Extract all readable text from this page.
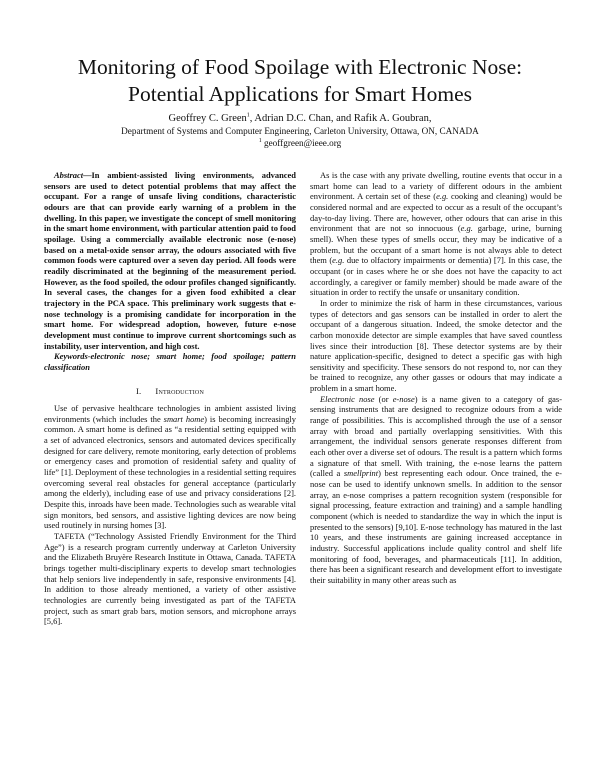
Monitoring of Food Spoilage with Electronic Nose:
Potential Applications for Smart Homes
Geoffrey C. Green$^1$, Adrian D.C. Chan, and Rafik A. Goubran,
Department of Systems and Computer Engineering, Carleton University, Ottawa, ON, CANADA
$^1$ geoffgreen@ieee.org

Abstract—In ambient-assisted living environments, advanced sensors are used to detect potential problems that may affect the occupant. For a range of unsafe living conditions, characteristic odours are that can provide early warning of a problem in the dwelling. In this paper, we investigate the concept of smell monitoring in the smart home environment, with particular attention paid to food spoilage. Using a commercially available electronic nose (e-nose) based on a metal-oxide sensor array, the odours associated with five common foods were captured over a seven day period. All foods were readily discriminated at the beginning of the measurement period. However, as the food spoiled, the odour profiles changed significantly. In several cases, the changes for a given food exhibited a clear trajectory in the PCA space. This preliminary work suggests that e-nose technology is a promising candidate for incorporation in the smart home. For widespread adoption, however, future e-nose development must continue to improve current shortcomings such as instability, user intervention, and high cost.

Keywords-electronic nose; smart home; food spoilage; pattern classification

I. Introduction

Use of pervasive healthcare technologies in ambient assisted living environments (which includes the smart home) is becoming increasingly common. A smart home is defined as “a residential setting equipped with a set of advanced electronics, sensors and automated devices specifically designed for care delivery, remote monitoring, early detection of problems or emergency cases and promotion of residential safety and quality of life” [1]. Deployment of these technologies in a residential setting requires overcoming several real obstacles for general acceptance (particularly among the elderly), including ease of use and privacy considerations [2]. Despite this, inroads have been made. Technologies such as wearable vital sign monitors, bed sensors, and assistive lighting devices are now being used routinely in nursing homes [3].

TAFETA (“Technology Assisted Friendly Environment for the Third Age”) is a research program currently underway at Carleton University and the Elizabeth Bruyère Research Institute in Ottawa, Canada. TAFETA brings together multi-disciplinary experts to develop smart technologies that help seniors live independently in safe, responsive environments [4]. In addition to those already mentioned, a variety of other assistive technologies are currently being investigated as part of the TAFETA project, such as smart grab bars, motion sensors, and microphone arrays [5,6].

As is the case with any private dwelling, routine events that occur in a smart home can lead to a variety of different odours in the ambient environment. A certain set of these (e.g. cooking and cleaning) would be considered normal and are expected to occur as a result of the occupant’s day-to-day living. There are, however, other odours that can arise in this environment that are not so innocuous (e.g. garbage, urine, burning smell). When these types of smells occur, they may be indicative of a problem, but the occupant of a smart home is not always able to detect them (e.g. due to olfactory impairments or dementia) [7]. In this case, the occupant (or in cases where he or she does not have the capacity to act accordingly, a caregiver or family member) should be made aware of the situation in order to rectify the unsafe or unsanitary condition.

In order to minimize the risk of harm in these circumstances, various types of detectors and gas sensors can be installed in order to alert the occupant of a dangerous situation. Indeed, the smoke detector and the carbon monoxide detector are simple examples that have saved countless lives since their introduction [8]. These detector systems are by their nature application-specific, designed to detect a specific gas with high sensitivity and specificity. These sensors do not respond to, nor can they be trained to recognize, any other gasses or odours that may indicate a problem in a smart home.

Electronic nose (or e-nose) is a name given to a category of gas-sensing instruments that are designed to recognize odours from a wide range of possibilities. This is accomplished through the use of a sensor array with broad and partially overlapping sensitivities. With this arrangement, the individual sensors generate responses different from each other over a diverse set of odours. The result is a pattern which forms a signature of that smell. With training, the e-nose learns the pattern (called a smellprint) best representing each odour. Once trained, the e-nose can be used to identify unknown smells. In addition to the sensor array, an e-nose comprises a pattern recognition system (responsible for signal processing, feature extraction and training) and a sample handling component (which is needed to standardize the way in which the input is presented to the sensors) [9,10]. E-nose technology has matured in the last 10 years, and these instruments are gaining increased acceptance in industry. Successful applications include quality control and shelf life monitoring of food, beverages, and pharmaceuticals [11]. In addition, there has been a significant research and development effort to investigate their suitability in many other areas such as
